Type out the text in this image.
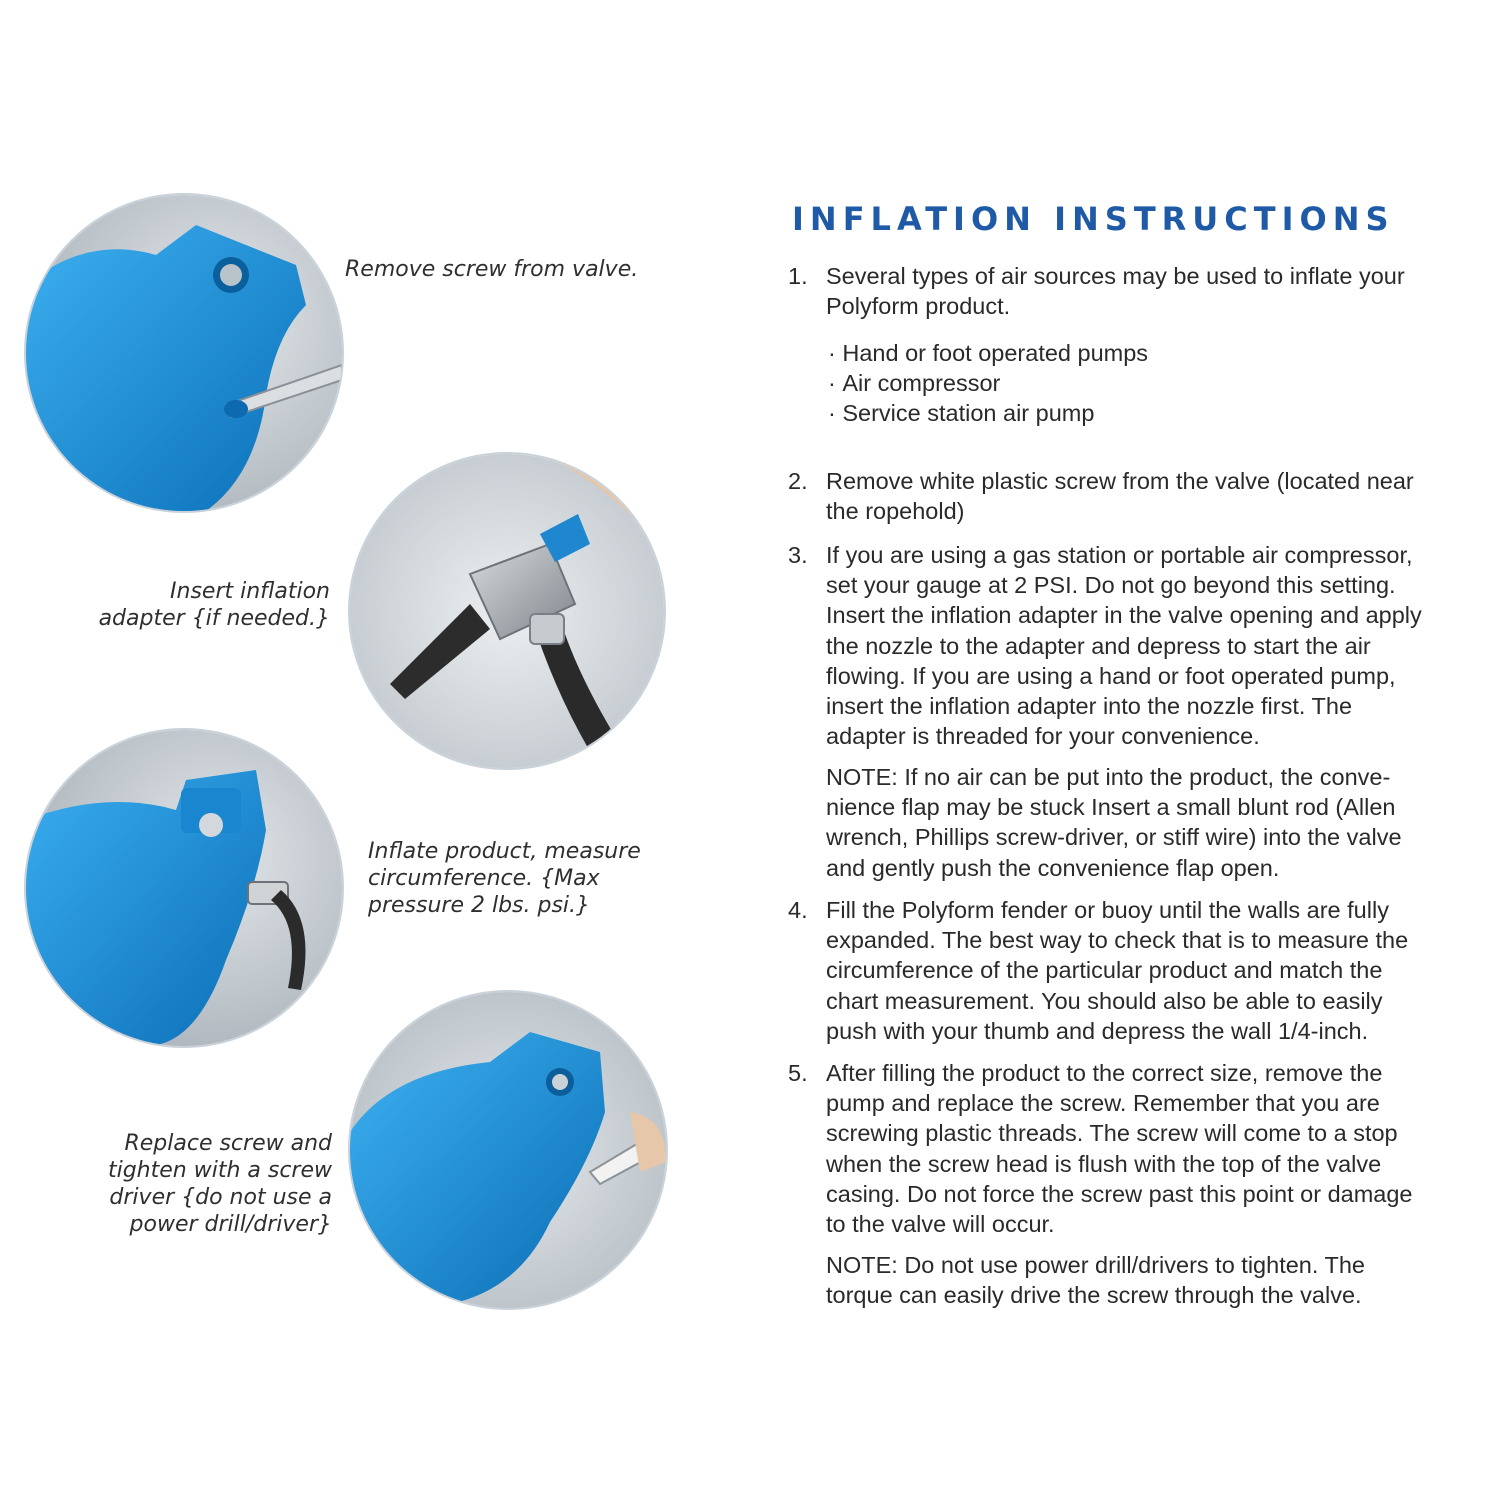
Remove screw from valve.
Insert inflation
adapter {if needed.}
Inflate product, measure
circumference. {Max
pressure 2 lbs. psi.}
Replace screw and
tighten with a screw
driver {do not use a
power drill/driver}
INFLATION INSTRUCTIONS
1. Several types of air sources may be used to inflate your
Polyform product.
· Hand or foot operated pumps
· Air compressor
· Service station air pump
2. Remove white plastic screw from the valve (located near
the ropehold)
3. If you are using a gas station or portable air compressor,
set your gauge at 2 PSI. Do not go beyond this setting.
Insert the inflation adapter in the valve opening and apply
the nozzle to the adapter and depress to start the air
flowing. If you are using a hand or foot operated pump,
insert the inflation adapter into the nozzle first. The
adapter is threaded for your convenience.
NOTE: If no air can be put into the product, the conve-
nience flap may be stuck Insert a small blunt rod (Allen
wrench, Phillips screw-driver, or stiff wire) into the valve
and gently push the convenience flap open.
4. Fill the Polyform fender or buoy until the walls are fully
expanded. The best way to check that is to measure the
circumference of the particular product and match the
chart measurement. You should also be able to easily
push with your thumb and depress the wall 1/4-inch.
5. After filling the product to the correct size, remove the
pump and replace the screw. Remember that you are
screwing plastic threads. The screw will come to a stop
when the screw head is flush with the top of the valve
casing. Do not force the screw past this point or damage
to the valve will occur.
NOTE: Do not use power drill/drivers to tighten. The
torque can easily drive the screw through the valve.
